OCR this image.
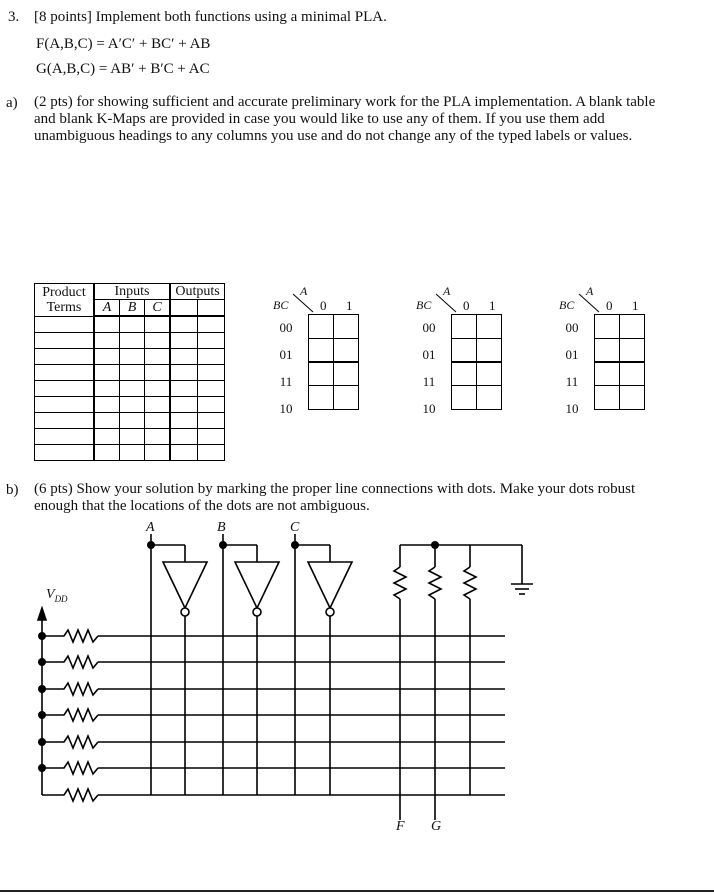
3. [8 points] Implement both functions using a minimal PLA.
F(A,B,C) = A′C′ + BC′ + AB
G(A,B,C) = AB′ + B′C + AC
a) (2 pts) for showing sufficient and accurate preliminary work for the PLA implementation. A blank table
and blank K-Maps are provided in case you would like to use any of them. If you use them add
unambiguous headings to any columns you use and do not change any of the typed labels or values.
Product
Terms	Inputs			Outputs	
	A	B	C		

A
BC 0 1
00
01
11
10

A
BC 0 1
00
01
11
10

A
BC 0 1
00
01
11
10

b) (6 pts) Show your solution by marking the proper line connections with dots. Make your dots robust
enough that the locations of the dots are not ambiguous.
A	B	C
$V_{DD}$
F G
